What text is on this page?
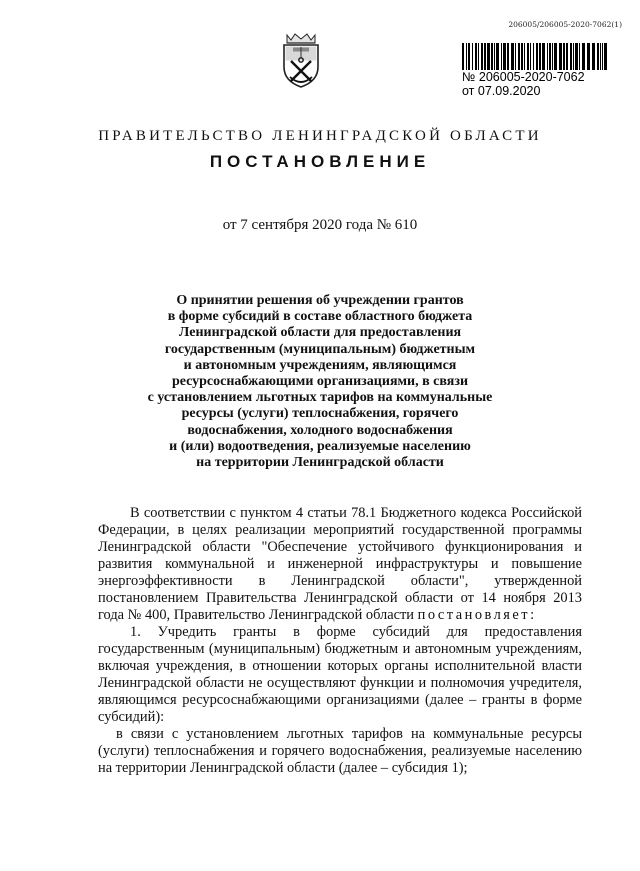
206005/206005-2020-7062(1)
№ 206005-2020-7062
от 07.09.2020
ПРАВИТЕЛЬСТВО ЛЕНИНГРАДСКОЙ ОБЛАСТИ
ПОСТАНОВЛЕНИЕ
от 7 сентября 2020 года № 610
О принятии решения об учреждении грантов
в форме субсидий в составе областного бюджета
Ленинградской области для предоставления
государственным (муниципальным) бюджетным
и автономным учреждениям, являющимся
ресурсоснабжающими организациями, в связи
с установлением льготных тарифов на коммунальные
ресурсы (услуги) теплоснабжения, горячего
водоснабжения, холодного водоснабжения
и (или) водоотведения, реализуемые населению
на территории Ленинградской области

В соответствии с пунктом 4 статьи 78.1 Бюджетного кодекса Российской Федерации, в целях реализации мероприятий государственной программы Ленинградской области "Обеспечение устойчивого функционирования и развития коммунальной и инженерной инфраструктуры и повышение энергоэффективности в Ленинградской области", утвержденной постановлением Правительства Ленинградской области от 14 ноября 2013 года № 400, Правительство Ленинградской области постановляет:

1. Учредить гранты в форме субсидий для предоставления государственным (муниципальным) бюджетным и автономным учреждениям, включая учреждения, в отношении которых органы исполнительной власти Ленинградской области не осуществляют функции и полномочия учредителя, являющимся ресурсоснабжающими организациями (далее – гранты в форме субсидий):

в связи с установлением льготных тарифов на коммунальные ресурсы (услуги) теплоснабжения и горячего водоснабжения, реализуемые населению на территории Ленинградской области (далее – субсидия 1);
